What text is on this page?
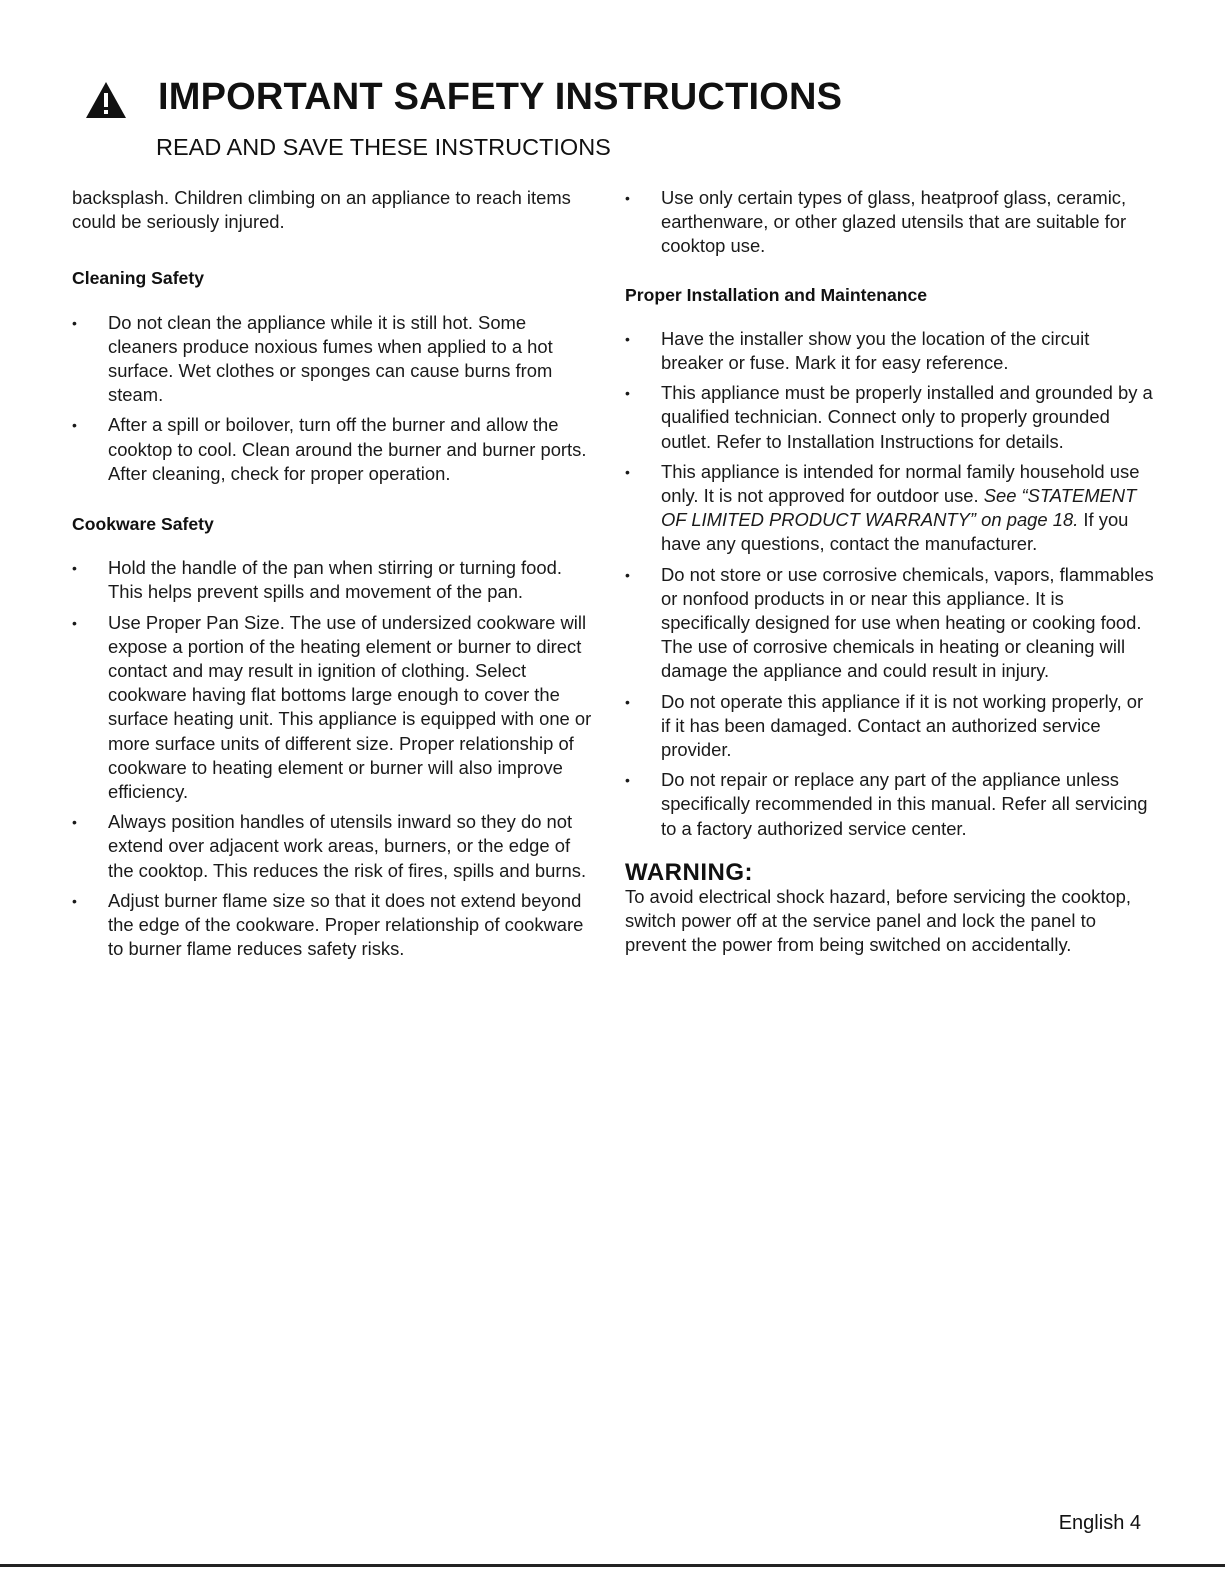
IMPORTANT SAFETY INSTRUCTIONS
READ AND SAVE THESE INSTRUCTIONS

backsplash. Children climbing on an appliance to reach items could be seriously injured.

Cleaning Safety
• Do not clean the appliance while it is still hot. Some cleaners produce noxious fumes when applied to a hot surface. Wet clothes or sponges can cause burns from steam.
• After a spill or boilover, turn off the burner and allow the cooktop to cool. Clean around the burner and burner ports. After cleaning, check for proper operation.
Cookware Safety
• Hold the handle of the pan when stirring or turning food. This helps prevent spills and movement of the pan.
• Use Proper Pan Size. The use of undersized cookware will expose a portion of the heating element or burner to direct contact and may result in ignition of clothing. Select cookware having flat bottoms large enough to cover the surface heating unit. This appliance is equipped with one or more surface units of different size. Proper relationship of cookware to heating element or burner will also improve efficiency.
• Always position handles of utensils inward so they do not extend over adjacent work areas, burners, or the edge of the cooktop. This reduces the risk of fires, spills and burns.
• Adjust burner flame size so that it does not extend beyond the edge of the cookware. Proper relationship of cookware to burner flame reduces safety risks.
• Use only certain types of glass, heatproof glass, ceramic, earthenware, or other glazed utensils that are suitable for cooktop use.
Proper Installation and Maintenance
• Have the installer show you the location of the circuit breaker or fuse. Mark it for easy reference.
• This appliance must be properly installed and grounded by a qualified technician. Connect only to properly grounded outlet. Refer to Installation Instructions for details.
• This appliance is intended for normal family household use only. It is not approved for outdoor use. See “STATEMENT OF LIMITED PRODUCT WARRANTY” on page 18. If you have any questions, contact the manufacturer.
• Do not store or use corrosive chemicals, vapors, flammables or nonfood products in or near this appliance. It is specifically designed for use when heating or cooking food. The use of corrosive chemicals in heating or cleaning will damage the appliance and could result in injury.
• Do not operate this appliance if it is not working properly, or if it has been damaged. Contact an authorized service provider.
• Do not repair or replace any part of the appliance unless specifically recommended in this manual. Refer all servicing to a factory authorized service center.
WARNING:

To avoid electrical shock hazard, before servicing the cooktop, switch power off at the service panel and lock the panel to prevent the power from being switched on accidentally.

English 4
